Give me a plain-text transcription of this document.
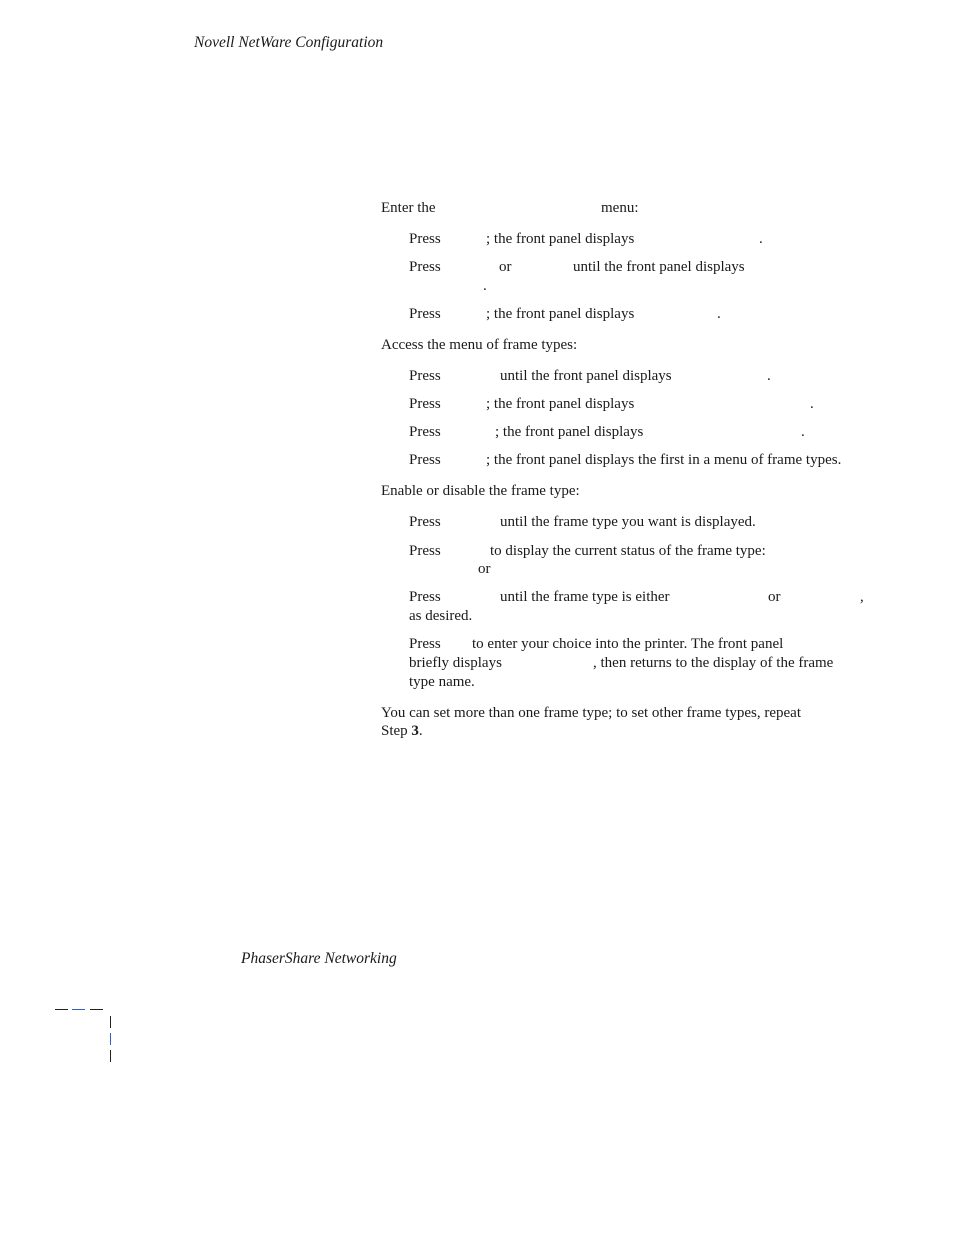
Novell NetWare Configuration
Enter the	menu:
Press	; the front panel displays	.
Press	or	until the front panel displays
.
Press	; the front panel displays	.
Access the menu of frame types:
Press	until the front panel displays	.
Press	; the front panel displays	.
Press	; the front panel displays	.
Press	; the front panel displays the first in a menu of frame types.
Enable or disable the frame type:
Press	until the frame type you want is displayed.
Press	to display the current status of the frame type:
or
Press	until the frame type is either	or	,
as desired.
Press to enter your choice into the printer. The front panel
briefly displays	, then returns to the display of the frame
type name.
You can set more than one frame type; to set other frame types, repeat
Step 3.
PhaserShare Networking
